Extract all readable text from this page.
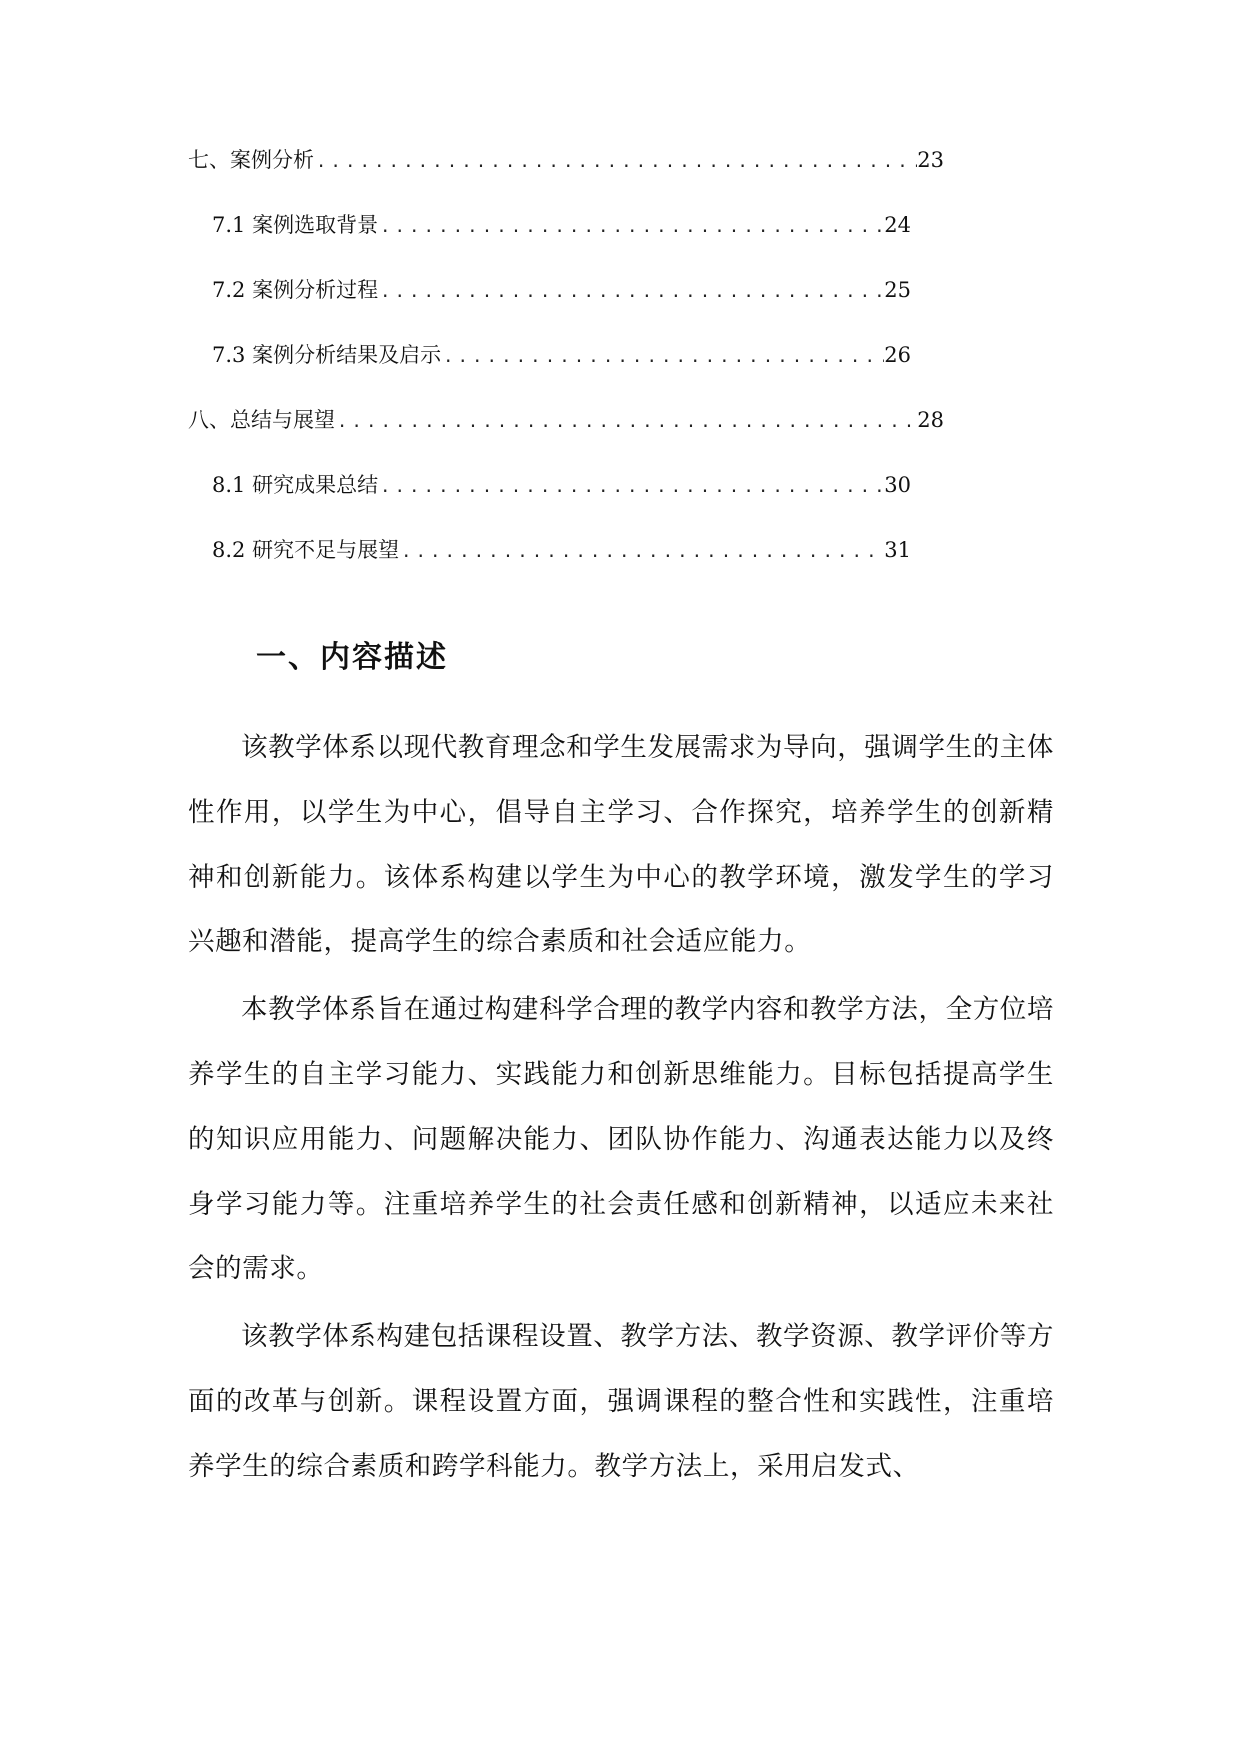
七、案例分析 .....	23
7.1 案例选取背景 .....	24
7.2 案例分析过程 .....	25
7.3 案例分析结果及启示 .....	26
八、总结与展望 .....	28
8.1 研究成果总结 .....	30
8.2 研究不足与展望 .....	31
一、内容描述

该教学体系以现代教育理念和学生发展需求为导向，强调学生的主体性作用，以学生为中心，倡导自主学习、合作探究，培养学生的创新精神和创新能力。该体系构建以学生为中心的教学环境，激发学生的学习兴趣和潜能，提高学生的综合素质和社会适应能力。

本教学体系旨在通过构建科学合理的教学内容和教学方法，全方位培养学生的自主学习能力、实践能力和创新思维能力。目标包括提高学生的知识应用能力、问题解决能力、团队协作能力、沟通表达能力以及终身学习能力等。注重培养学生的社会责任感和创新精神，以适应未来社会的需求。

该教学体系构建包括课程设置、教学方法、教学资源、教学评价等方面的改革与创新。课程设置方面，强调课程的整合性和实践性，注重培养学生的综合素质和跨学科能力。教学方法上，采用启发式、
